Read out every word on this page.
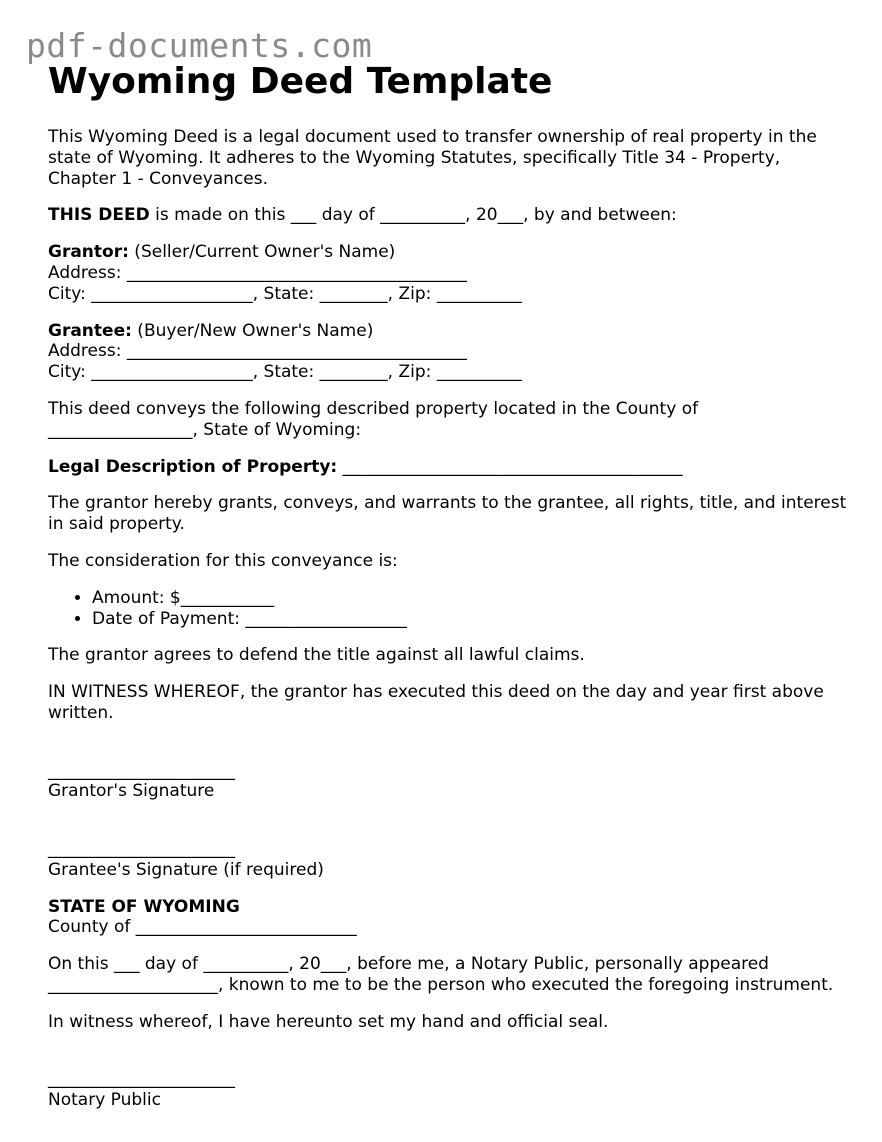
pdf-documents.com
Wyoming Deed Template

This Wyoming Deed is a legal document used to transfer ownership of real property in the state of Wyoming. It adheres to the Wyoming Statutes, specifically Title 34 - Property, Chapter 1 - Conveyances.

THIS DEED is made on this ___ day of __________, 20___, by and between:

Grantor: (Seller/Current Owner's Name)
Address: ________________________________________
City: ___________________, State: ________, Zip: __________
Grantee: (Buyer/New Owner's Name)
Address: ________________________________________
City: ___________________, State: ________, Zip: __________

This deed conveys the following described property located in the County of _________________, State of Wyoming:

Legal Description of Property: ________________________________________

The grantor hereby grants, conveys, and warrants to the grantee, all rights, title, and interest in said property.

The consideration for this conveyance is:

• Amount: $___________
• Date of Payment: ___________________

The grantor agrees to defend the title against all lawful claims.

IN WITNESS WHEREOF, the grantor has executed this deed on the day and year first above written.

______________________
Grantor's Signature
______________________
Grantee's Signature (if required)
STATE OF WYOMING
County of __________________________

On this ___ day of __________, 20___, before me, a Notary Public, personally appeared ____________________, known to me to be the person who executed the foregoing instrument.

In witness whereof, I have hereunto set my hand and official seal.

______________________
Notary Public
